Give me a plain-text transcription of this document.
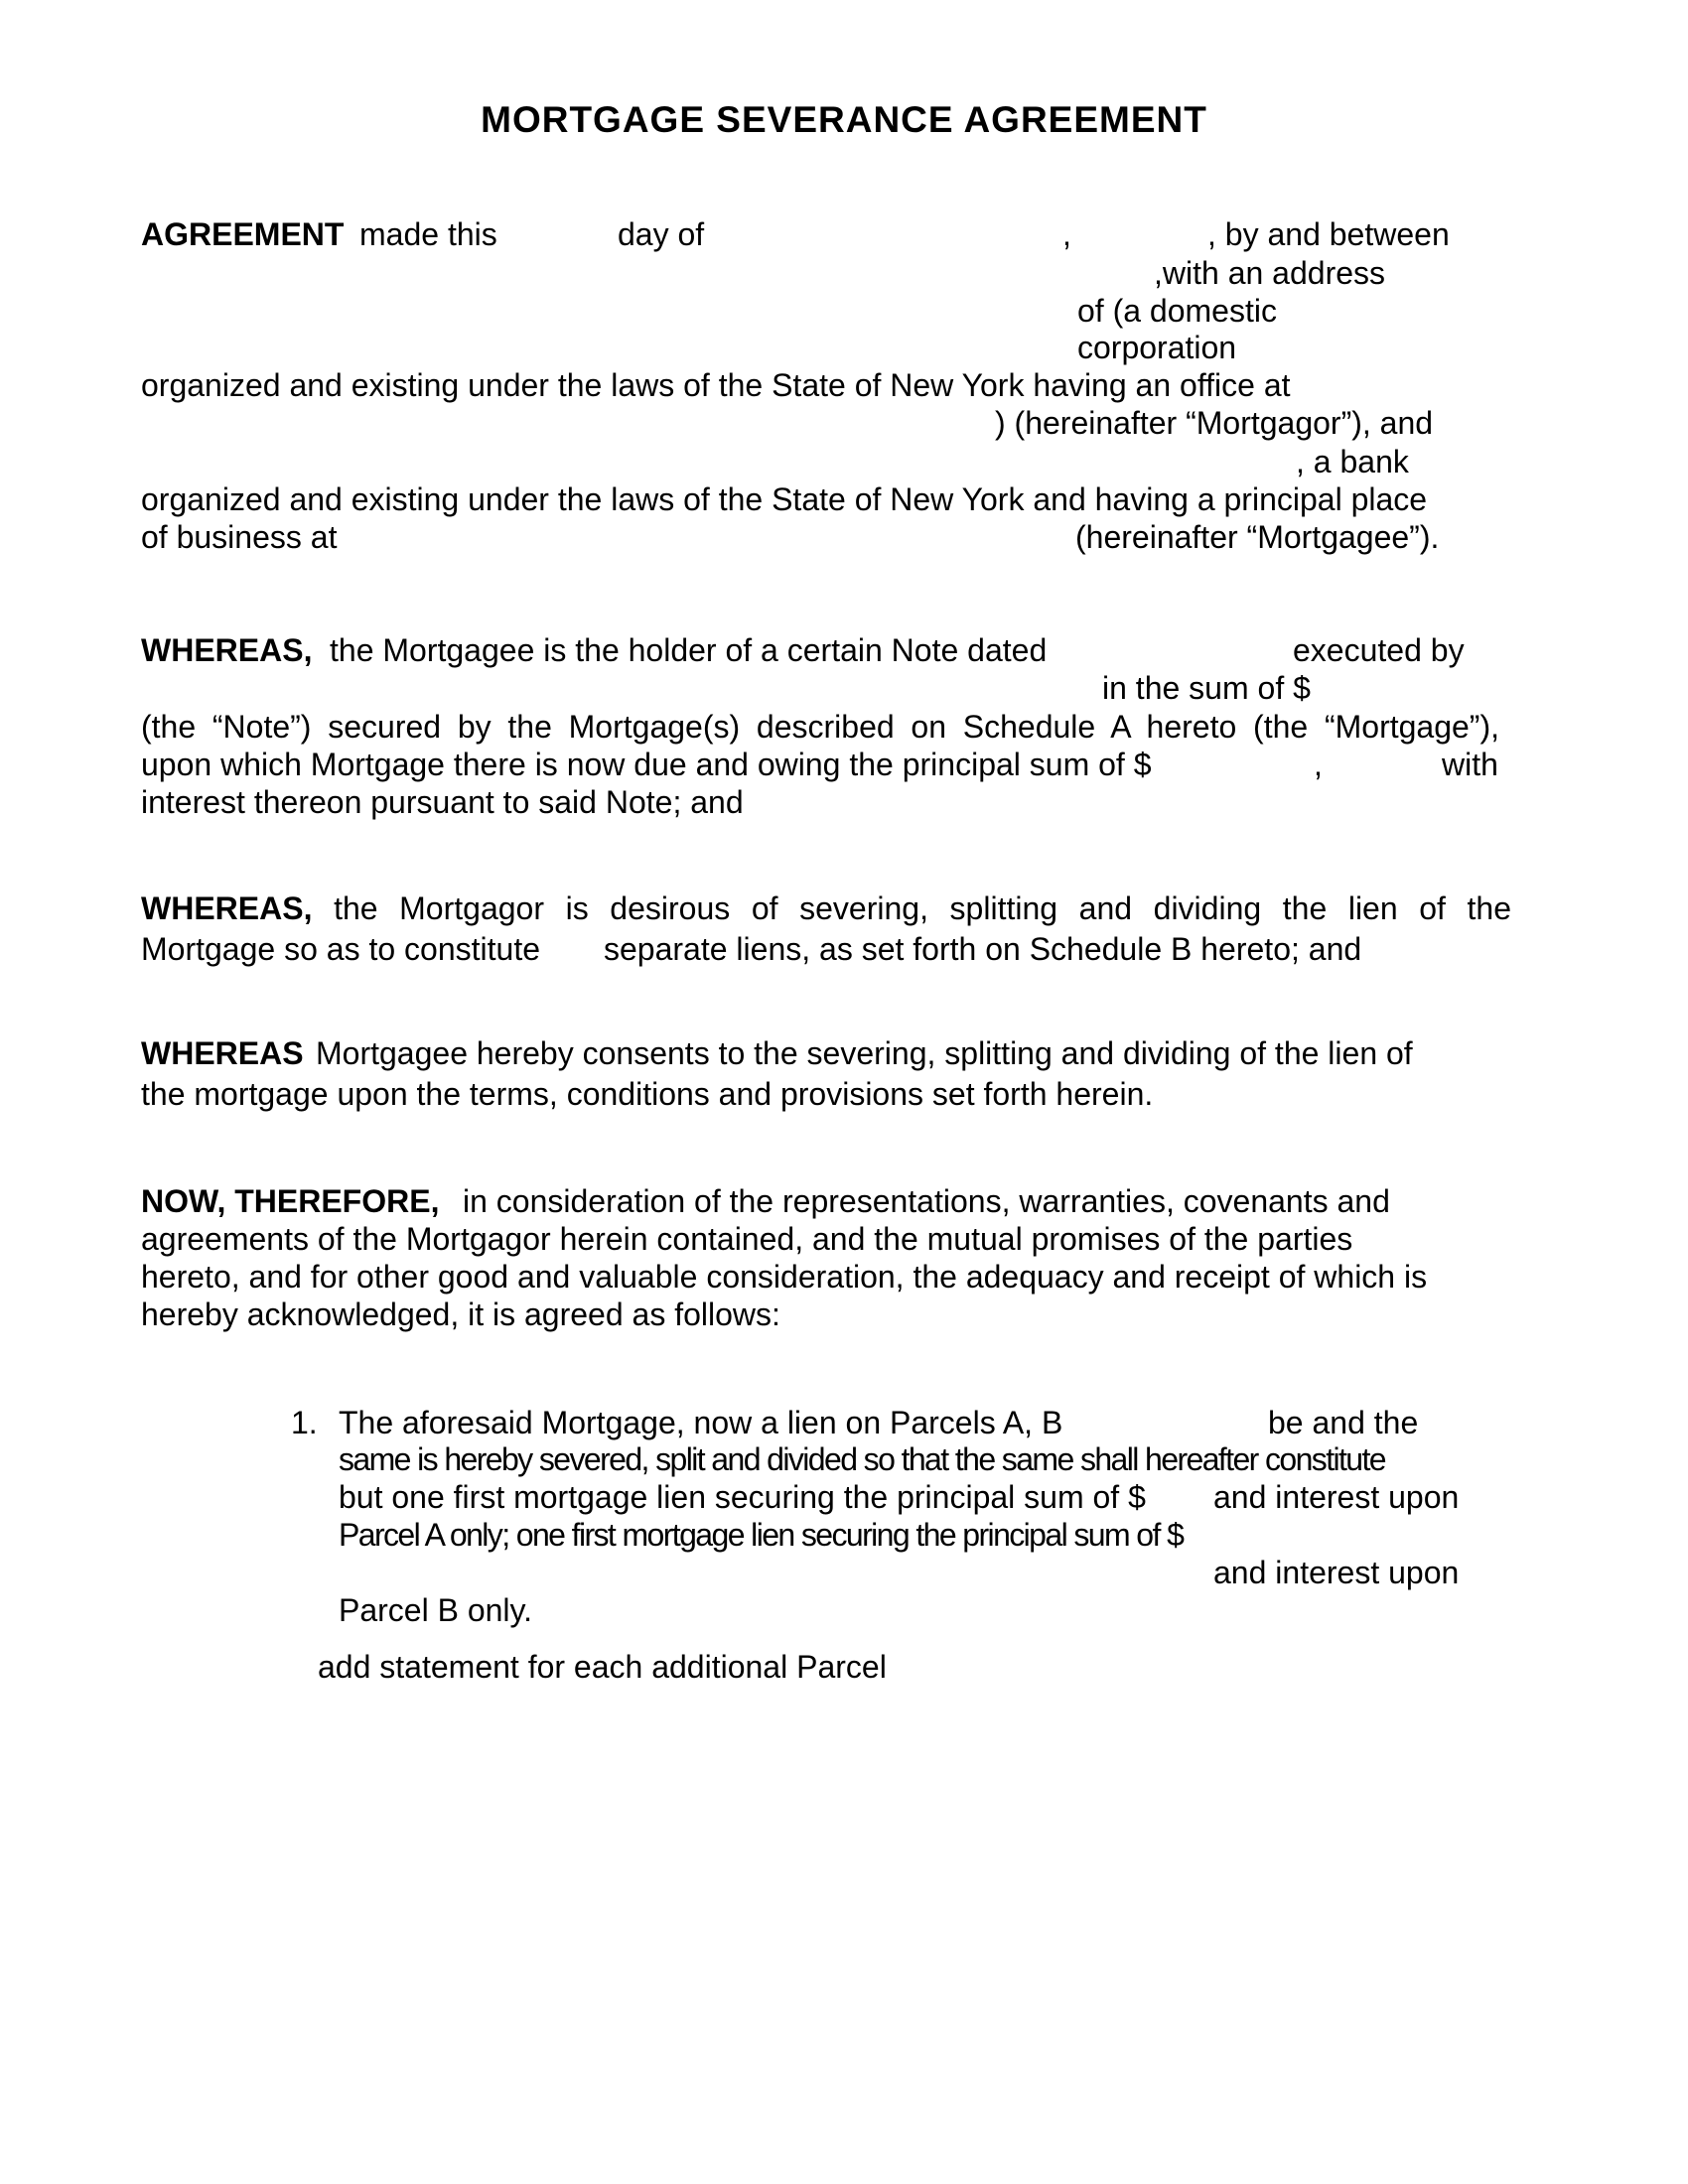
MORTGAGE SEVERANCE AGREEMENT
AGREEMENT made this	day of	,	, by and between
,with an address
of (a domestic
corporation
organized and existing under the laws of the State of New York having an office at
) (hereinafter “Mortgagor”), and
, a bank
organized and existing under the laws of the State of New York and having a principal place
of business at	(hereinafter “Mortgagee”).
WHEREAS, the Mortgagee is the holder of a certain Note dated	executed by
in the sum of $
(the “Note”) secured by the Mortgage(s) described on Schedule A hereto (the “Mortgage”),
upon which Mortgage there is now due and owing the principal sum of $	,	with
interest thereon pursuant to said Note; and
WHEREAS, the Mortgagor is desirous of severing, splitting and dividing the lien of the
Mortgage so as to constitute separate liens, as set forth on Schedule B hereto; and
WHEREAS Mortgagee hereby consents to the severing, splitting and dividing of the lien of
the mortgage upon the terms, conditions and provisions set forth herein.
NOW, THEREFORE, in consideration of the representations, warranties, covenants and
agreements of the Mortgagor herein contained, and the mutual promises of the parties
hereto, and for other good and valuable consideration, the adequacy and receipt of which is
hereby acknowledged, it is agreed as follows:
1. The aforesaid Mortgage, now a lien on Parcels A, B	be and the
same is hereby severed, split and divided so that the same shall hereafter constitute
but one first mortgage lien securing the principal sum of $ and interest upon
Parcel A only; one first mortgage lien securing the principal sum of $
and interest upon
Parcel B only.
add statement for each additional Parcel
